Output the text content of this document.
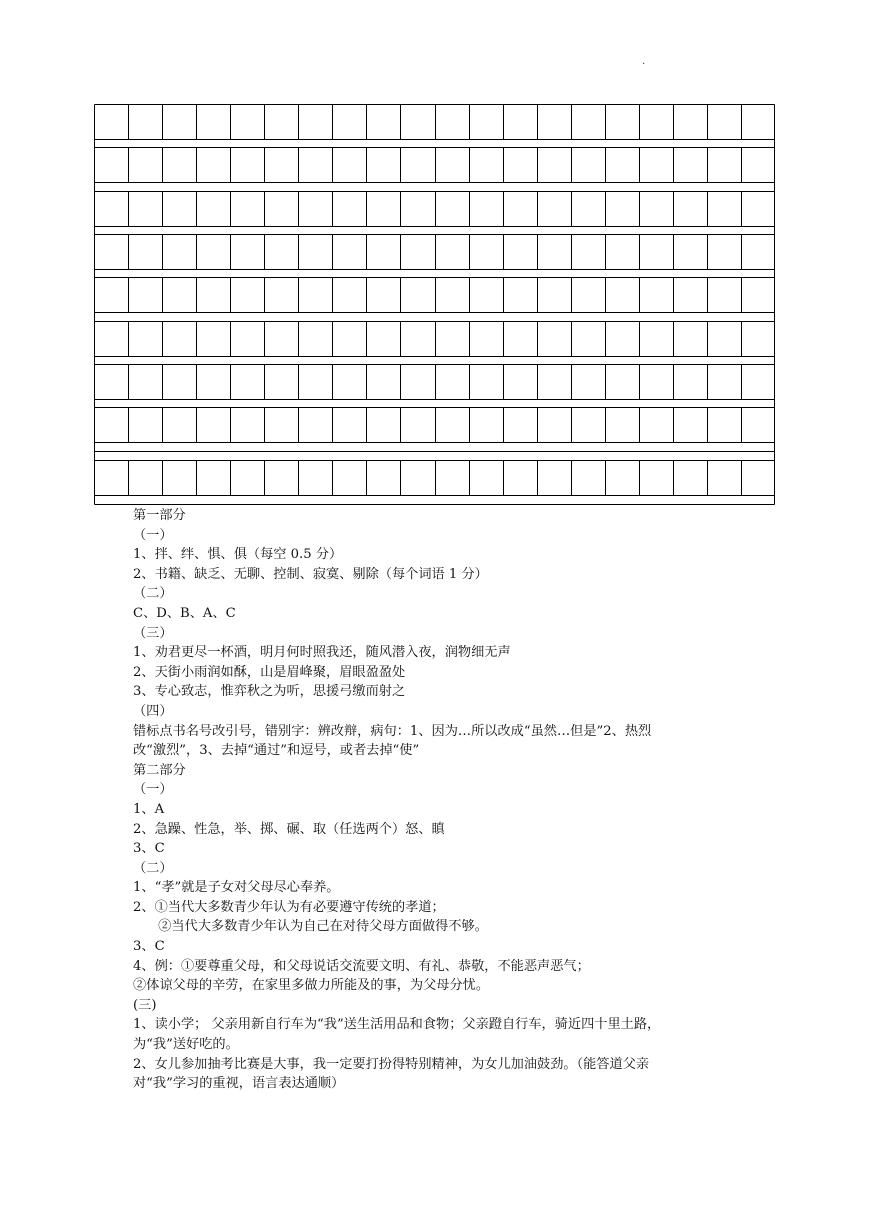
.
第一部分
（一）
1、拌、绊、惧、俱（每空 0.5 分）
2、书籍、缺乏、无聊、控制、寂寞、剔除（每个词语 1 分）
（二）
C、D、B、A、C
（三）
1、劝君更尽一杯酒，明月何时照我还，随风潜入夜，润物细无声
2、天街小雨润如酥，山是眉峰聚，眉眼盈盈处
3、专心致志，惟弈秋之为听，思援弓缴而射之
（四）
错标点书名号改引号，错别字：辨改辩，病句：1、因为…所以改成“虽然…但是”2、热烈
改“激烈”，3、去掉“通过”和逗号，或者去掉“使”
第二部分
（一）
1、A
2、急躁、性急，举、掷、碾、取（任选两个）怒、瞋
3、C
（二）
1、“孝”就是子女对父母尽心奉养。
2、①当代大多数青少年认为有必要遵守传统的孝道；
②当代大多数青少年认为自己在对待父母方面做得不够。
3、C
4、例：①要尊重父母，和父母说话交流要文明、有礼、恭敬，不能恶声恶气；
②体谅父母的辛劳，在家里多做力所能及的事，为父母分忧。
(三)
1、读小学； 父亲用新自行车为“我”送生活用品和食物；父亲蹬自行车，骑近四十里土路，
为“我”送好吃的。
2、女儿参加抽考比赛是大事，我一定要打扮得特别精神，为女儿加油鼓劲。（能答道父亲
对“我”学习的重视，语言表达通顺）
